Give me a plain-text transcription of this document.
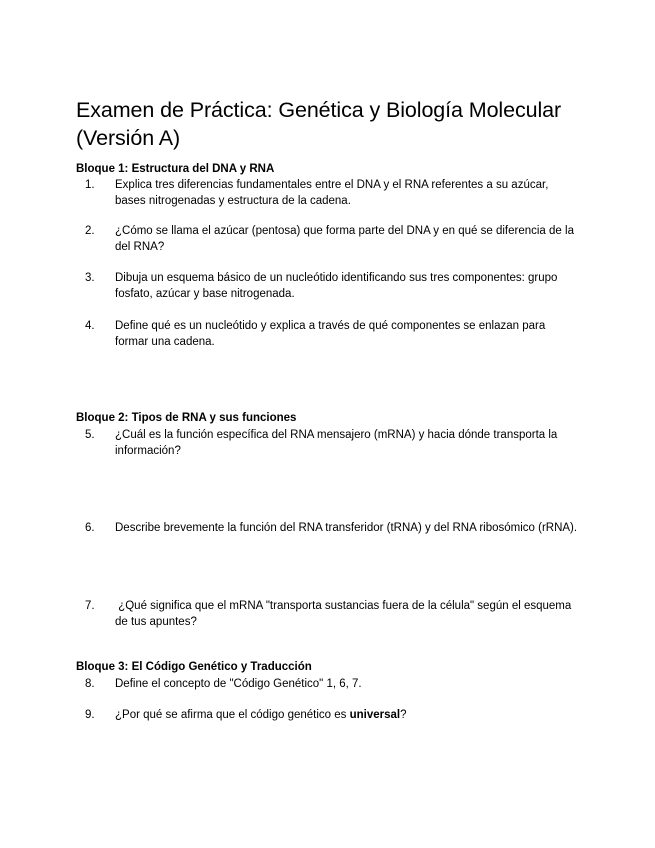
Examen de Práctica: Genética y Biología Molecular (Versión A)
Bloque 1: Estructura del DNA y RNA
1.	Explica tres diferencias fundamentales entre el DNA y el RNA referentes a su azúcar, bases nitrogenadas y estructura de la cadena.
2.	¿Cómo se llama el azúcar (pentosa) que forma parte del DNA y en qué se diferencia de la del RNA?
3.	Dibuja un esquema básico de un nucleótido identificando sus tres componentes: grupo fosfato, azúcar y base nitrogenada.
4.	Define qué es un nucleótido y explica a través de qué componentes se enlazan para formar una cadena.
Bloque 2: Tipos de RNA y sus funciones
5.	¿Cuál es la función específica del RNA mensajero (mRNA) y hacia dónde transporta la información?
6.	Describe brevemente la función del RNA transferidor (tRNA) y del RNA ribosómico (rRNA).
7.	¿Qué significa que el mRNA "transporta sustancias fuera de la célula" según el esquema de tus apuntes?
Bloque 3: El Código Genético y Traducción
8.	Define el concepto de "Código Genético" 1, 6, 7.
9.	¿Por qué se afirma que el código genético es universal?
